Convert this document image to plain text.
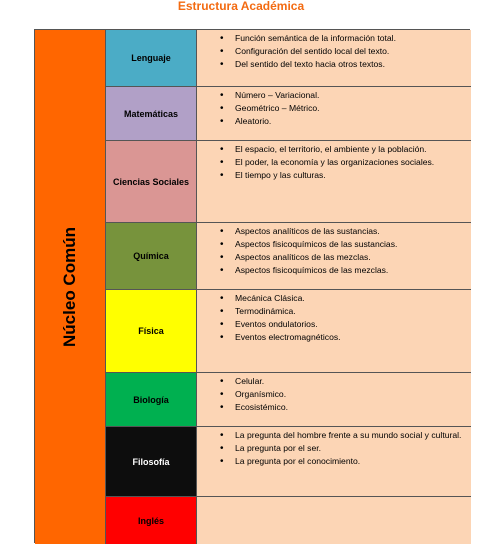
Estructura Académica
Núcleo Común
Lenguaje
• Función semántica de la información total.
• Configuración del sentido local del texto.
• Del sentido del texto hacia otros textos.
Matemáticas
• Número – Variacional.
• Geométrico – Métrico.
• Aleatorio.
Ciencias Sociales
• El espacio, el territorio, el ambiente y la población.
• El poder, la economía y las organizaciones sociales.
• El tiempo y las culturas.
Química
• Aspectos analíticos de las sustancias.
• Aspectos fisicoquímicos de las sustancias.
• Aspectos analíticos de las mezclas.
• Aspectos fisicoquímicos de las mezclas.
Física
• Mecánica Clásica.
• Termodinámica.
• Eventos ondulatorios.
• Eventos electromagnéticos.
Biología
• Celular.
• Organísmico.
• Ecosistémico.
Filosofía
• La pregunta del hombre frente a su mundo social y cultural.
• La pregunta por el ser.
• La pregunta por el conocimiento.
Inglés
